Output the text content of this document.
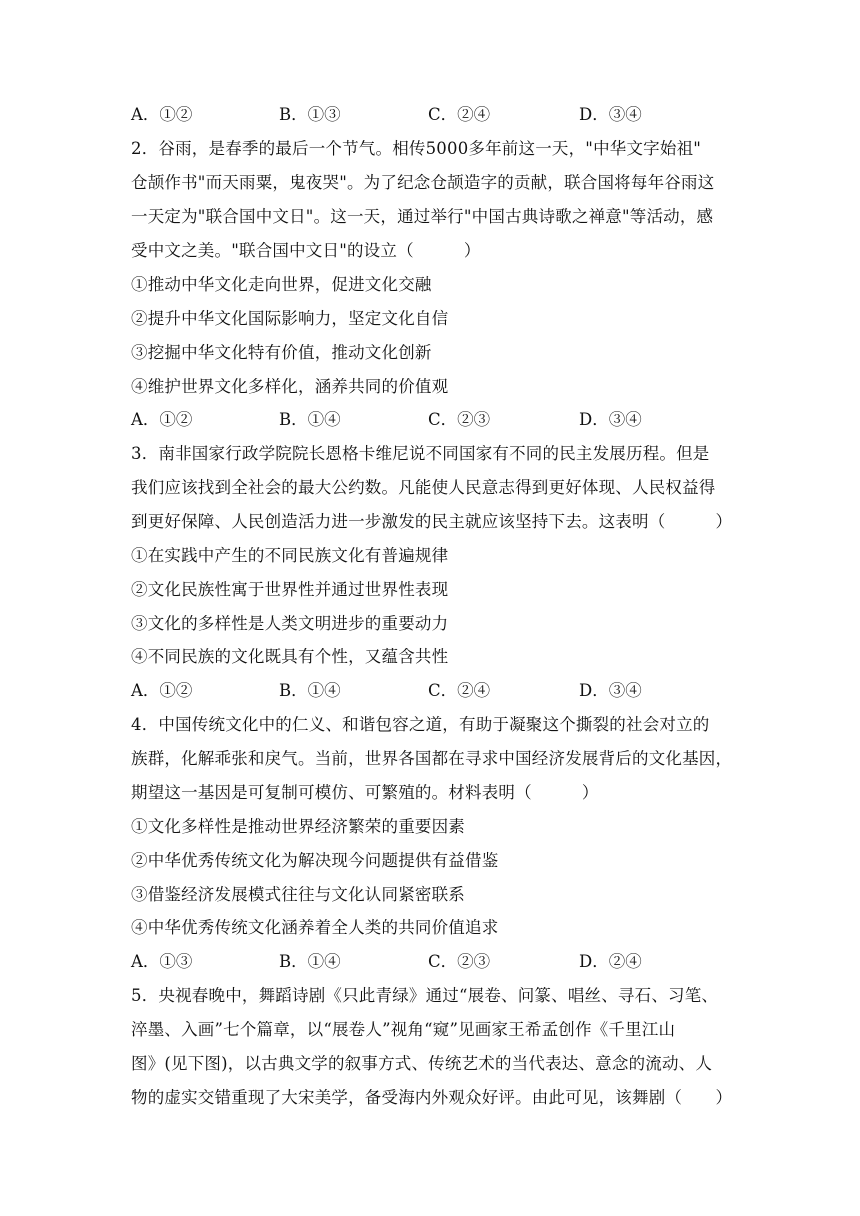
A．①②	B．①③	C．②④	D．③④
2．谷雨，是春季的最后一个节气。相传5000多年前这一天，"中华文字始祖"
仓颉作书"而天雨粟，鬼夜哭"。为了纪念仓颉造字的贡献，联合国将每年谷雨这
一天定为"联合国中文日"。这一天，通过举行"中国古典诗歌之禅意"等活动，感
受中文之美。"联合国中文日"的设立（　　　）
①推动中华文化走向世界，促进文化交融
②提升中华文化国际影响力，坚定文化自信
③挖掘中华文化特有价值，推动文化创新
④维护世界文化多样化，涵养共同的价值观
A．①②	B．①④	C．②③	D．③④
3．南非国家行政学院院长恩格卡维尼说不同国家有不同的民主发展历程。但是
我们应该找到全社会的最大公约数。凡能使人民意志得到更好体现、人民权益得
到更好保障、人民创造活力进一步激发的民主就应该坚持下去。这表明（　　　）
①在实践中产生的不同民族文化有普遍规律
②文化民族性寓于世界性并通过世界性表现
③文化的多样性是人类文明进步的重要动力
④不同民族的文化既具有个性，又蕴含共性
A．①②	B．①④	C．②④	D．③④
4．中国传统文化中的仁义、和谐包容之道，有助于凝聚这个撕裂的社会对立的
族群，化解乖张和戾气。当前，世界各国都在寻求中国经济发展背后的文化基因，
期望这一基因是可复制可模仿、可繁殖的。材料表明（　　　）
①文化多样性是推动世界经济繁荣的重要因素
②中华优秀传统文化为解决现今问题提供有益借鉴
③借鉴经济发展模式往往与文化认同紧密联系
④中华优秀传统文化涵养着全人类的共同价值追求
A．①③	B．①④	C．②③	D．②④
5．央视春晚中，舞蹈诗剧《只此青绿》通过“展卷、问篆、唱丝、寻石、习笔、
淬墨、入画”七个篇章，以“展卷人”视角“窥”见画家王希孟创作《千里江山
图》(见下图)，以古典文学的叙事方式、传统艺术的当代表达、意念的流动、人
物的虚实交错重现了大宋美学，备受海内外观众好评。由此可见，该舞剧（　　）
